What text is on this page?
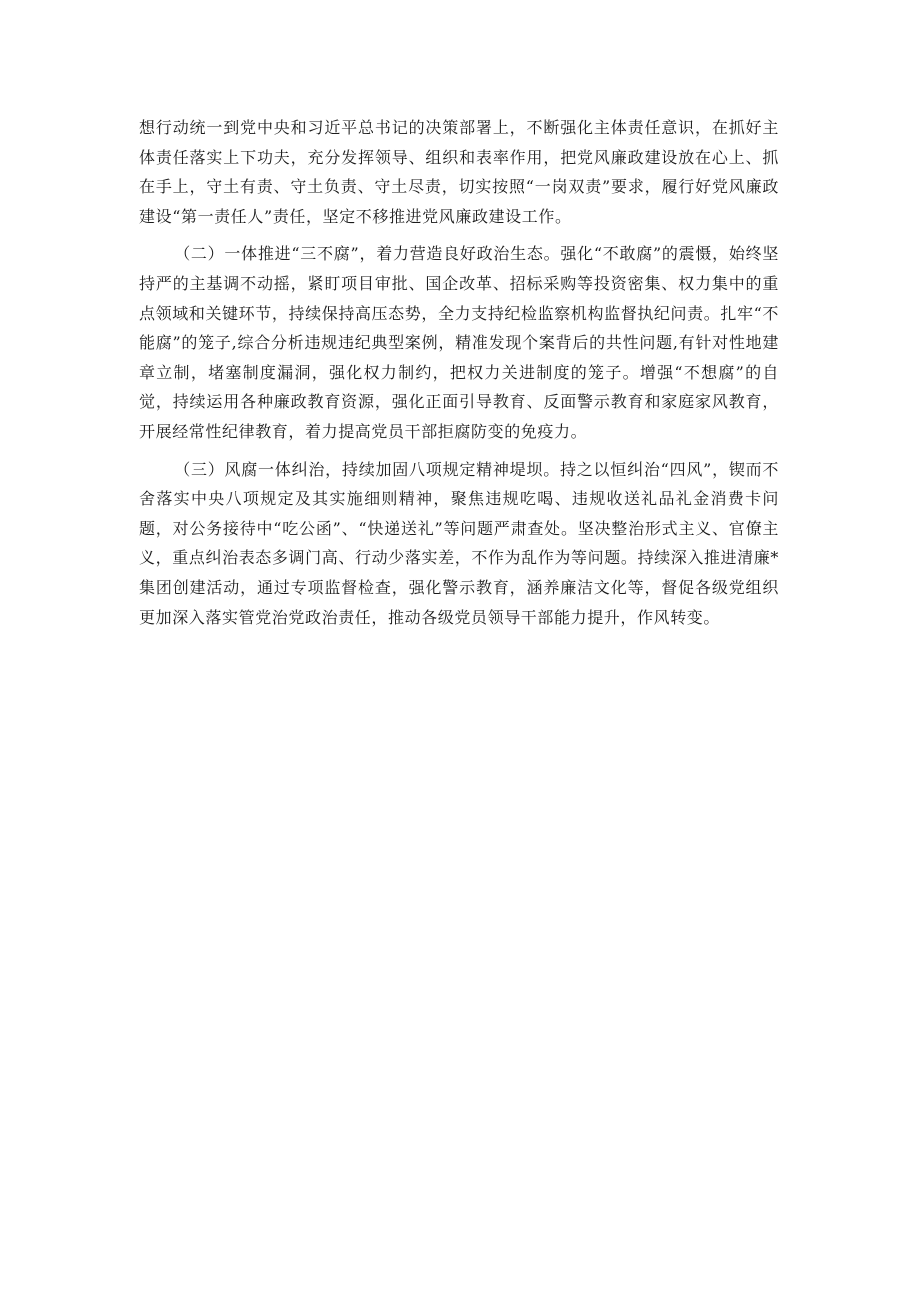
想行动统一到党中央和习近平总书记的决策部署上，不断强化主体责任意识，在抓好主体责任落实上下功夫，充分发挥领导、组织和表率作用，把党风廉政建设放在心上、抓在手上，守土有责、守土负责、守土尽责，切实按照“一岗双责”要求，履行好党风廉政建设“第一责任人”责任，坚定不移推进党风廉政建设工作。

（二）一体推进“三不腐”，着力营造良好政治生态。强化“不敢腐”的震慑，始终坚持严的主基调不动摇，紧盯项目审批、国企改革、招标采购等投资密集、权力集中的重点领域和关键环节，持续保持高压态势，全力支持纪检监察机构监督执纪问责。扎牢“不能腐”的笼子,综合分析违规违纪典型案例，精准发现个案背后的共性问题,有针对性地建章立制，堵塞制度漏洞，强化权力制约，把权力关进制度的笼子。增强“不想腐”的自觉，持续运用各种廉政教育资源，强化正面引导教育、反面警示教育和家庭家风教育，开展经常性纪律教育，着力提高党员干部拒腐防变的免疫力。

（三）风腐一体纠治，持续加固八项规定精神堤坝。持之以恒纠治“四风”，锲而不舍落实中央八项规定及其实施细则精神，聚焦违规吃喝、违规收送礼品礼金消费卡问题，对公务接待中“吃公函”、“快递送礼”等问题严肃查处。坚决整治形式主义、官僚主义，重点纠治表态多调门高、行动少落实差，不作为乱作为等问题。持续深入推进清廉*集团创建活动，通过专项监督检查，强化警示教育，涵养廉洁文化等，督促各级党组织更加深入落实管党治党政治责任，推动各级党员领导干部能力提升，作风转变。
